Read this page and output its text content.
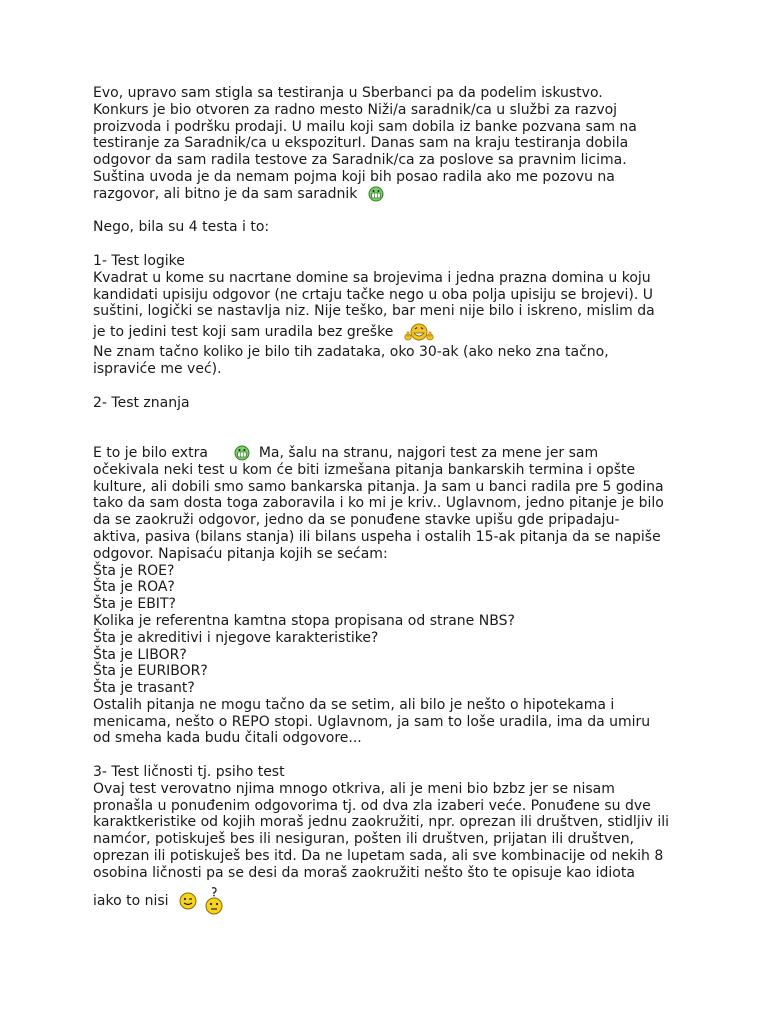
Evo, upravo sam stigla sa testiranja u Sberbanci pa da podelim iskustvo.
Konkurs je bio otvoren za radno mesto Niži/a saradnik/ca u službi za razvoj
proizvoda i podršku prodaji. U mailu koji sam dobila iz banke pozvana sam na
testiranje za Saradnik/ca u ekspoziturI. Danas sam na kraju testiranja dobila
odgovor da sam radila testove za Saradnik/ca za poslove sa pravnim licima.
Suština uvoda je da nemam pojma koji bih posao radila ako me pozovu na
razgovor, ali bitno je da sam saradnik
Nego, bila su 4 testa i to:
1- Test logike
Kvadrat u kome su nacrtane domine sa brojevima i jedna prazna domina u koju
kandidati upisiju odgovor (ne crtaju tačke nego u oba polja upisiju se brojevi). U
suštini, logički se nastavlja niz. Nije teško, bar meni nije bilo i iskreno, mislim da
je to jedini test koji sam uradila bez greške
Ne znam tačno koliko je bilo tih zadataka, oko 30-ak (ako neko zna tačno,
ispraviće me već).
2- Test znanja
E to je bilo extra	Ma, šalu na stranu, najgori test za mene jer sam
očekivala neki test u kom će biti izmešana pitanja bankarskih termina i opšte
kulture, ali dobili smo samo bankarska pitanja. Ja sam u banci radila pre 5 godina
tako da sam dosta toga zaboravila i ko mi je kriv.. Uglavnom, jedno pitanje je bilo
da se zaokruži odgovor, jedno da se ponuđene stavke upišu gde pripadaju-
aktiva, pasiva (bilans stanja) ili bilans uspeha i ostalih 15-ak pitanja da se napiše
odgovor. Napisaću pitanja kojih se sećam:
Šta je ROE?
Šta je ROA?
Šta je EBIT?
Kolika je referentna kamtna stopa propisana od strane NBS?
Šta je akreditivi i njegove karakteristike?
Šta je LIBOR?
Šta je EURIBOR?
Šta je trasant?
Ostalih pitanja ne mogu tačno da se setim, ali bilo je nešto o hipotekama i
menicama, nešto o REPO stopi. Uglavnom, ja sam to loše uradila, ima da umiru
od smeha kada budu čitali odgovore...
3- Test ličnosti tj. psiho test
Ovaj test verovatno njima mnogo otkriva, ali je meni bio bzbz jer se nisam
pronašla u ponuđenim odgovorima tj. od dva zla izaberi veće. Ponuđene su dve
karaktkeristike od kojih moraš jednu zaokružiti, npr. oprezan ili društven, stidljiv ili
namćor, potiskuješ bes ili nesiguran, pošten ili društven, prijatan ili društven,
oprezan ili potiskuješ bes itd. Da ne lupetam sada, ali sve kombinacije od nekih 8
osobina ličnosti pa se desi da moraš zaokružiti nešto što te opisuje kao idiota
iako to nisi
